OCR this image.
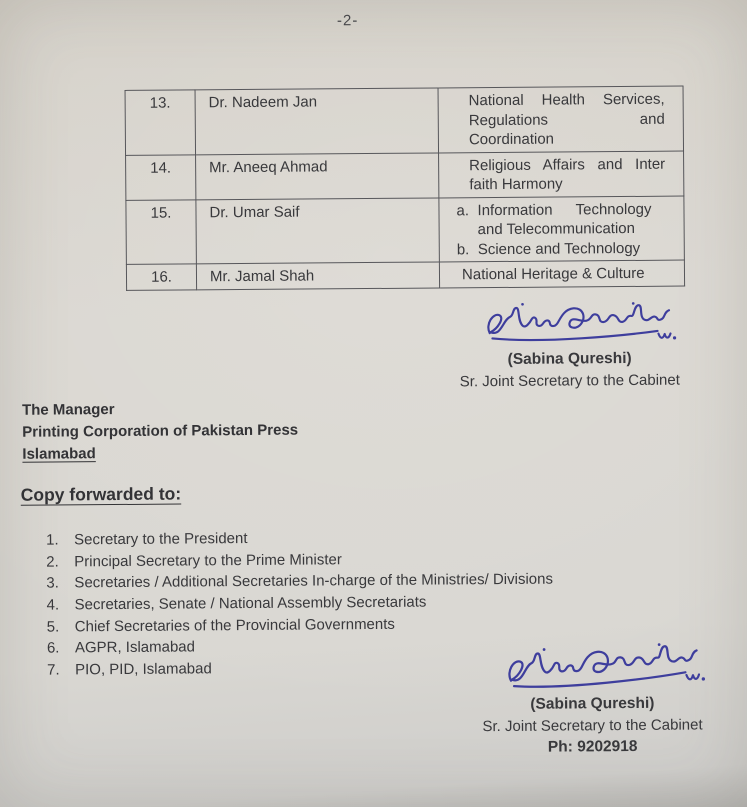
-2-
13.	Dr. Nadeem Jan	National Health Services, Regulations and Coordination

14.	Mr. Aneeq Ahmad	Religious Affairs and Inter faith Harmony

15.	Dr. Umar Saif	a. Information Technology and Telecommunication
b. Science and Technology

16.	Mr. Jamal Shah	National Heritage & Culture
(Sabina Qureshi)
Sr. Joint Secretary to the Cabinet
The Manager
Printing Corporation of Pakistan Press
Islamabad
Copy forwarded to:
1.	Secretary to the President
2.	Principal Secretary to the Prime Minister
3.	Secretaries / Additional Secretaries In-charge of the Ministries/ Divisions
4.	Secretaries, Senate / National Assembly Secretariats
5.	Chief Secretaries of the Provincial Governments
6.	AGPR, Islamabad
7.	PIO, PID, Islamabad
(Sabina Qureshi)
Sr. Joint Secretary to the Cabinet
Ph: 9202918
